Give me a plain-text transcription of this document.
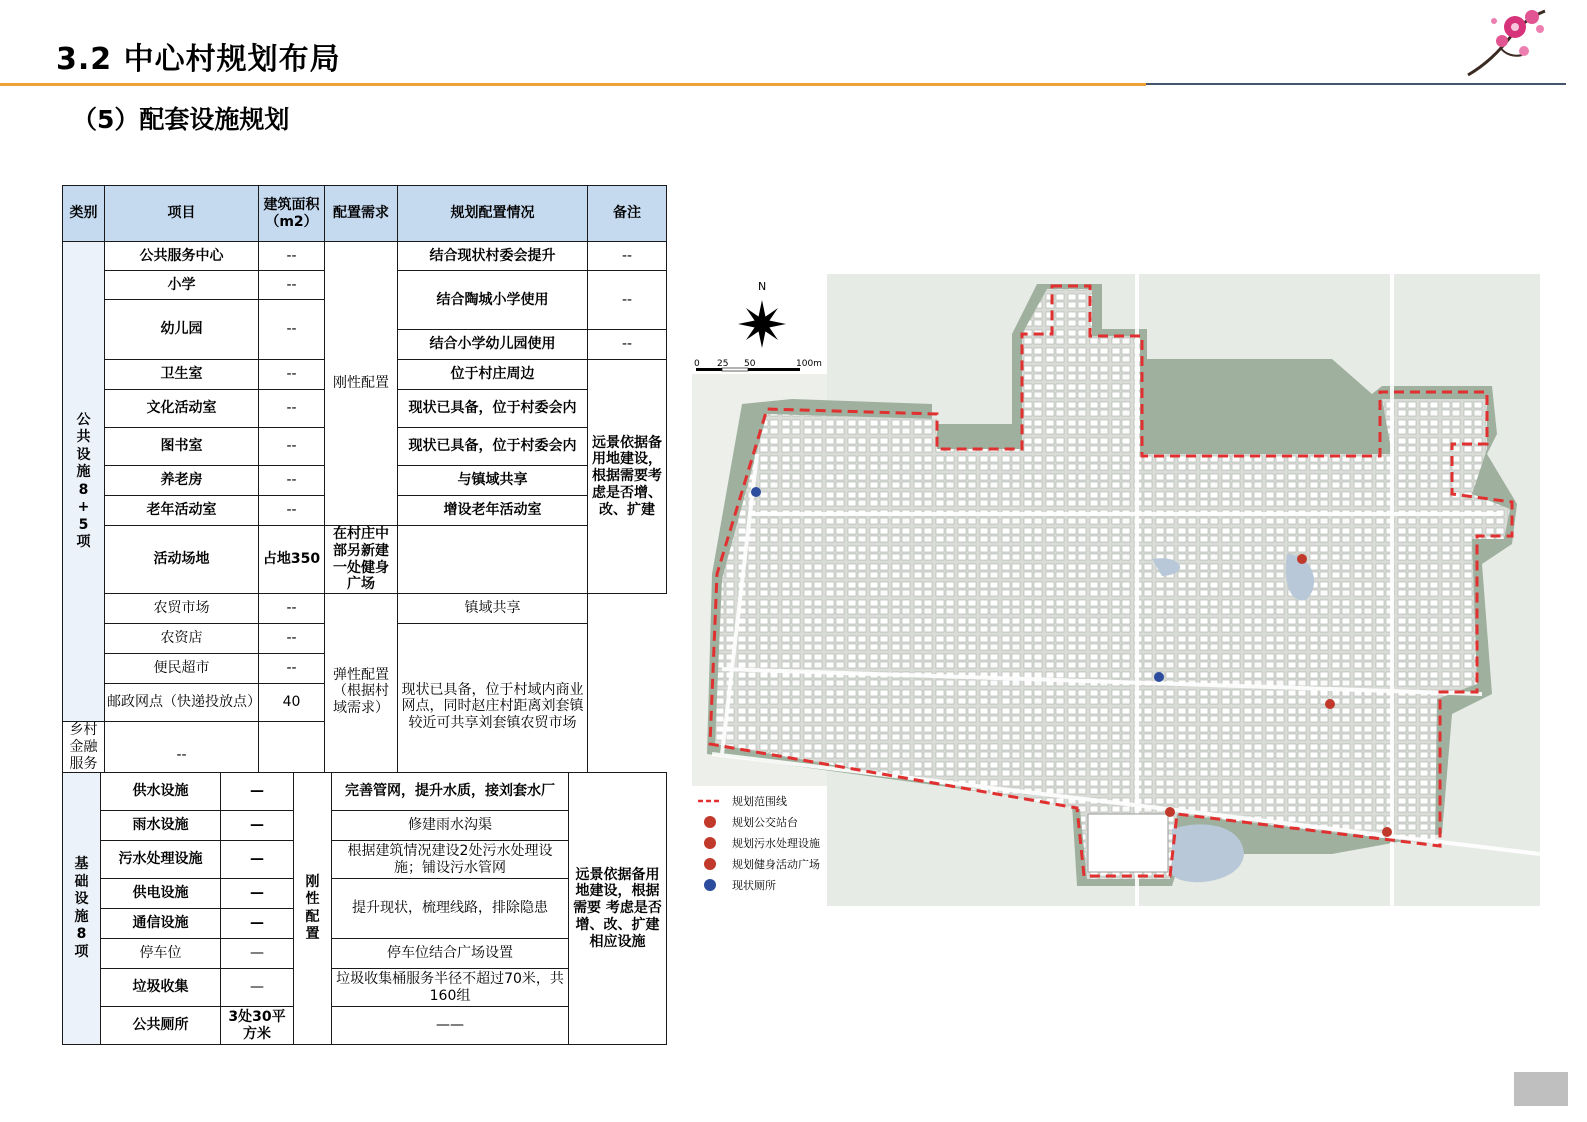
3.2 中心村规划布局
（5）配套设施规划
类别	项目	建筑面积（m2）	配置需求	规划配置情况	备注

公共设施8+5项	公共服务中心	--	刚性配置	结合现状村委会提升	--
	小学	--		结合陶城小学使用	--
	幼儿园	--			
				结合小学幼儿园使用	--
	卫生室	--		位于村庄周边	远景依据备用地建设，根据需要考虑是否增、改、扩建
	文化活动室	--		现状已具备，位于村委会内	
	图书室	--		现状已具备，位于村委会内	
	养老房	--		与镇域共享	
	老年活动室	--		增设老年活动室	
	活动场地	占地350	在村庄中部另新建一处健身广场		
	农贸市场	--	弹性配置（根据村域需求）	镇域共享	
	农资店	--		现状已具备，位于村域内商业网点，同时赵庄村距离刘套镇较近可共享刘套镇农贸市场	
	便民超市	--			
	邮政网点（快递投放点）	40			
乡村金融服务	--				
基础设施8项	供水设施	—	刚性配置	完善管网，提升水质，接刘套水厂	远景依据备用地建设，根据需要 考虑是否增、改、扩建相应设施
	雨水设施	—		修建雨水沟渠	
	污水处理设施	—		根据建筑情况建设2处污水处理设施；铺设污水管网	
	供电设施	—		提升现状，梳理线路，排除隐患	
	通信设施	—			
	停车位	—		停车位结合广场设置	
	垃圾收集	—		垃圾收集桶服务半径不超过70米，共160组	
	公共厕所	3处30平方米		——	
N
0 25 50	100m
规划范围线
规划公交站台
规划污水处理设施
规划健身活动广场
现状厕所
